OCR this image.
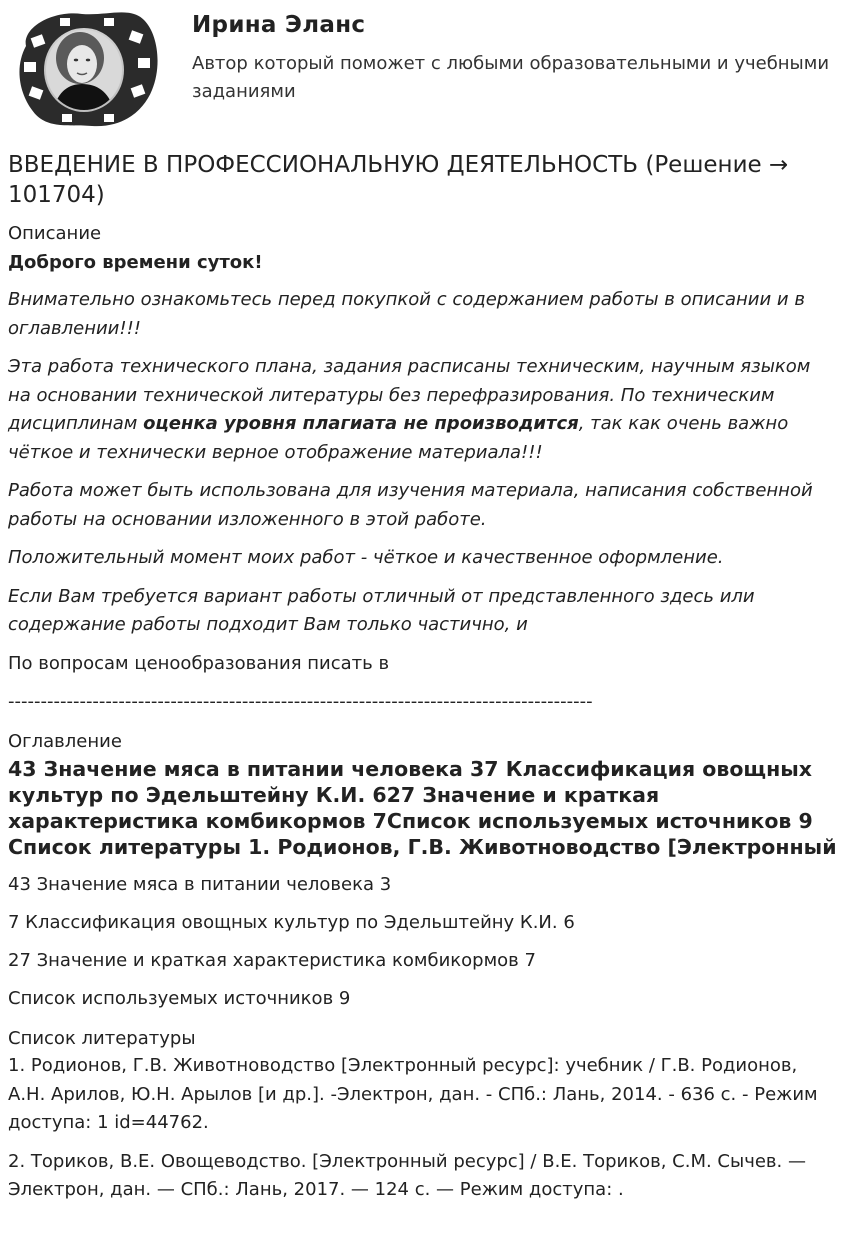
Ирина Эланс
Автор который поможет с любыми образовательными и учебными заданиями
ВВЕДЕНИЕ В ПРОФЕССИОНАЛЬНУЮ ДЕЯТЕЛЬНОСТЬ (Решение → 101704)
Описание
Доброго времени суток!

Внимательно ознакомьтесь перед покупкой с содержанием работы в описании и в оглавлении!!!

Эта работа технического плана, задания расписаны техническим, научным языком на основании технической литературы без перефразирования. По техническим дисциплинам оценка уровня плагиата не производится, так как очень важно чёткое и технически верное отображение материала!!!

Работа может быть использована для изучения материала, написания собственной работы на основании изложенного в этой работе.

Положительный момент моих работ - чёткое и качественное оформление.

Если Вам требуется вариант работы отличный от представленного здесь или содержание работы подходит Вам только частично, и

По вопросам ценообразования писать в

------------------------------------------------------------------------------------------
Оглавление
43 Значение мяса в питании человека 37 Классификация овощных культур по Эдельштейну К.И. 627 Значение и краткая характеристика комбикормов 7Список используемых источников 9 Список литературы 1. Родионов, Г.В. Животноводство [Электронный
43 Значение мяса в питании человека 3
7 Классификация овощных культур по Эдельштейну К.И. 6
27 Значение и краткая характеристика комбикормов 7
Список используемых источников 9
Список литературы
1. Родионов, Г.В. Животноводство [Электронный ресурс]: учебник / Г.В. Родионов, А.Н. Арилов, Ю.Н. Арылов [и др.]. -Электрон, дан. - СПб.: Лань, 2014. - 636 с. - Режим доступа: 1 id=44762.
2. Ториков, В.Е. Овощеводство. [Электронный ресурс] / В.Е. Ториков, С.М. Сычев. — Электрон, дан. — СПб.: Лань, 2017. — 124 с. — Режим доступа: .
